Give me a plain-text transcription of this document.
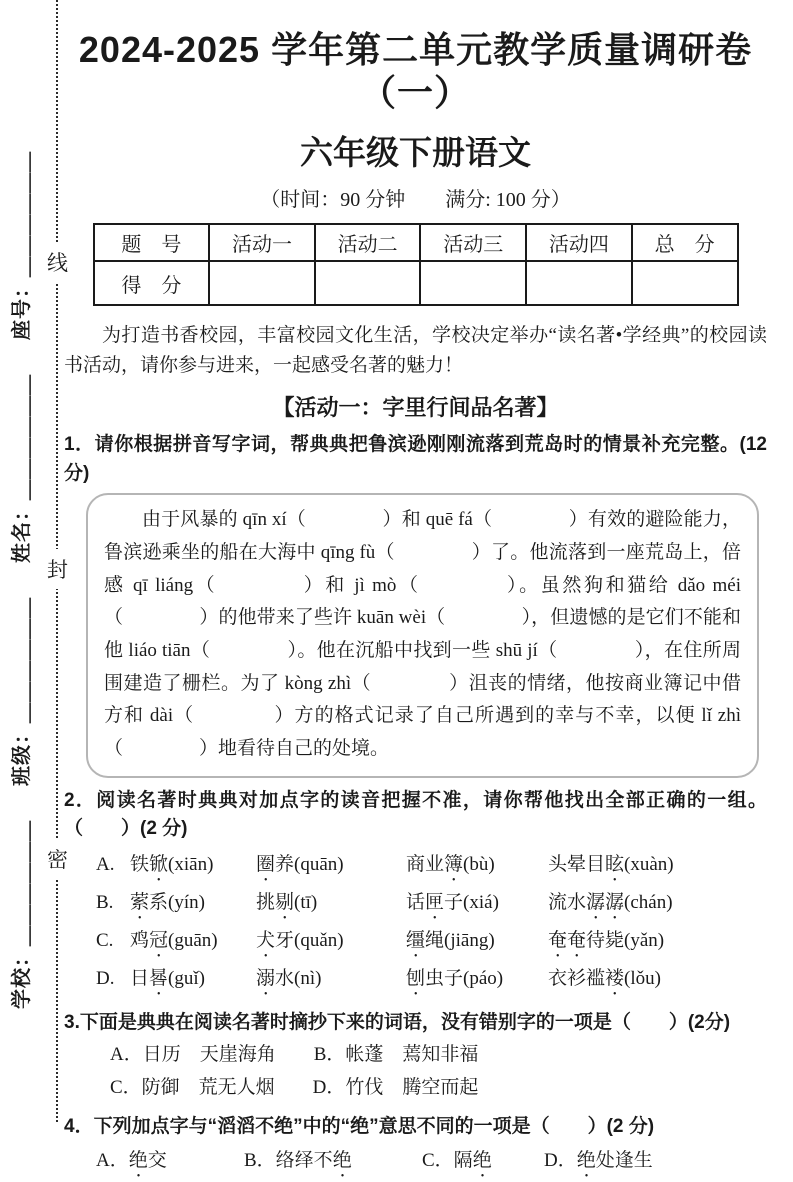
线
封
密
学校：＿＿＿＿＿＿
班级：＿＿＿＿＿＿
姓名：＿＿＿＿＿＿
座号：＿＿＿＿＿＿
2024-2025 学年第二单元教学质量调研卷（一）
六年级下册语文
（时间：90 分钟　　满分: 100 分）
题　号	活动一	活动二	活动三	活动四	总　分
得　分					

为打造书香校园，丰富校园文化生活，学校决定举办“读名著•学经典”的校园读书活动，请你参与进来，一起感受名著的魅力！

【活动一：字里行间品名著】

1．请你根据拼音写字词，帮典典把鲁滨逊刚刚流落到荒岛时的情景补充完整。(12 分)

由于风暴的 qīn xí（　　　　）和 quē fá（　　　　）有效的避险能力，鲁滨逊乘坐的船在大海中 qīng fù（　　　　）了。他流落到一座荒岛上，倍感 qī liáng（　　　　）和 jì mò（　　　　）。虽然狗和猫给 dǎo méi（　　　　）的他带来了些许 kuān wèi（　　　　），但遗憾的是它们不能和他 liáo tiān（　　　　）。他在沉船中找到一些 shū jí（　　　　），在住所周围建造了栅栏。为了 kòng zhì（　　　　）沮丧的情绪，他按商业簿记中借方和 dài（　　　　）方的格式记录了自己所遇到的幸与不幸，以便 lǐ zhì（　　　　）地看待自己的处境。

2．阅读名著时典典对加点字的读音把握不准，请你帮他找出全部正确的一组。（　　）(2 分)

A. 铁锨(xiān)	圈养(quān)	商业簿(bù)	头晕目眩(xuàn)
B. 萦系(yín)	挑剔(tī)	话匣子(xiá)	流水潺潺(chán)
C. 鸡冠(guān)	犬牙(quǎn)	缰绳(jiāng)	奄奄待毙(yǎn)
D. 日晷(guǐ)	溺水(nì)	刨虫子(páo)	衣衫褴褛(lǒu)

3.下面是典典在阅读名著时摘抄下来的词语，没有错别字的一项是（　　）(2分)

A．日历　天崖海角　　B．帐蓬　蔫知非福
C．防御　荒无人烟　　D．竹伐　腾空而起

4．下列加点字与“滔滔不绝”中的“绝”意思不同的一项是（　　）(2 分)

A．绝交	B．络绎不绝	C．隔绝	D．绝处逢生
